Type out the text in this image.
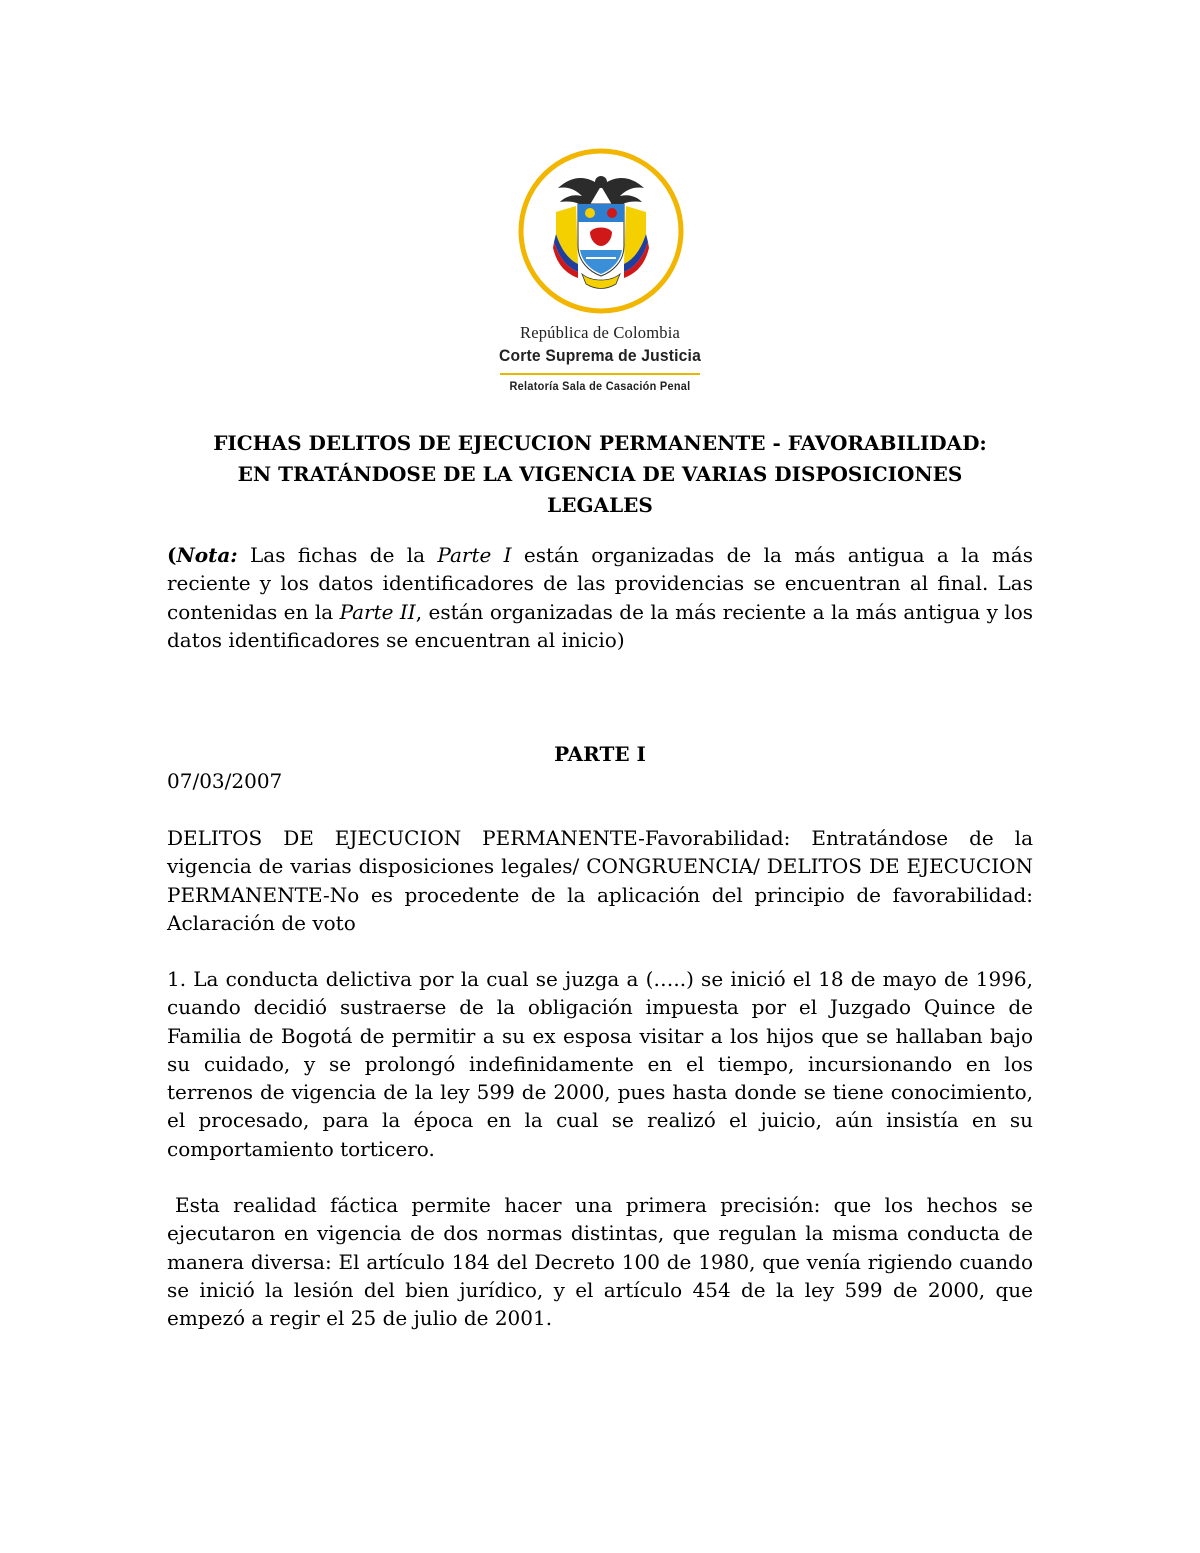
República de Colombia
Corte Suprema de Justicia
Relatoría Sala de Casación Penal
FICHAS DELITOS DE EJECUCION PERMANENTE - FAVORABILIDAD:
EN TRATÁNDOSE DE LA VIGENCIA DE VARIAS DISPOSICIONES
LEGALES

(Nota: Las fichas de la Parte I están organizadas de la más antigua a la más reciente y los datos identificadores de las providencias se encuentran al final. Las contenidas en la Parte II, están organizadas de la más reciente a la más antigua y los datos identificadores se encuentran al inicio)

PARTE I
07/03/2007

DELITOS DE EJECUCION PERMANENTE-Favorabilidad: Entratándose de la vigencia de varias disposiciones legales/ CONGRUENCIA/ DELITOS DE EJECUCION PERMANENTE-No es procedente de la aplicación del principio de favorabilidad: Aclaración de voto

1. La conducta delictiva por la cual se juzga a (…..) se inició el 18 de mayo de 1996, cuando decidió sustraerse de la obligación impuesta por el Juzgado Quince de Familia de Bogotá de permitir a su ex esposa visitar a los hijos que se hallaban bajo su cuidado, y se prolongó indefinidamente en el tiempo, incursionando en los terrenos de vigencia de la ley 599 de 2000, pues hasta donde se tiene conocimiento, el procesado, para la época en la cual se realizó el juicio, aún insistía en su comportamiento torticero.

Esta realidad fáctica permite hacer una primera precisión: que los hechos se ejecutaron en vigencia de dos normas distintas, que regulan la misma conducta de manera diversa: El artículo 184 del Decreto 100 de 1980, que venía rigiendo cuando se inició la lesión del bien jurídico, y el artículo 454 de la ley 599 de 2000, que empezó a regir el 25 de julio de 2001.
